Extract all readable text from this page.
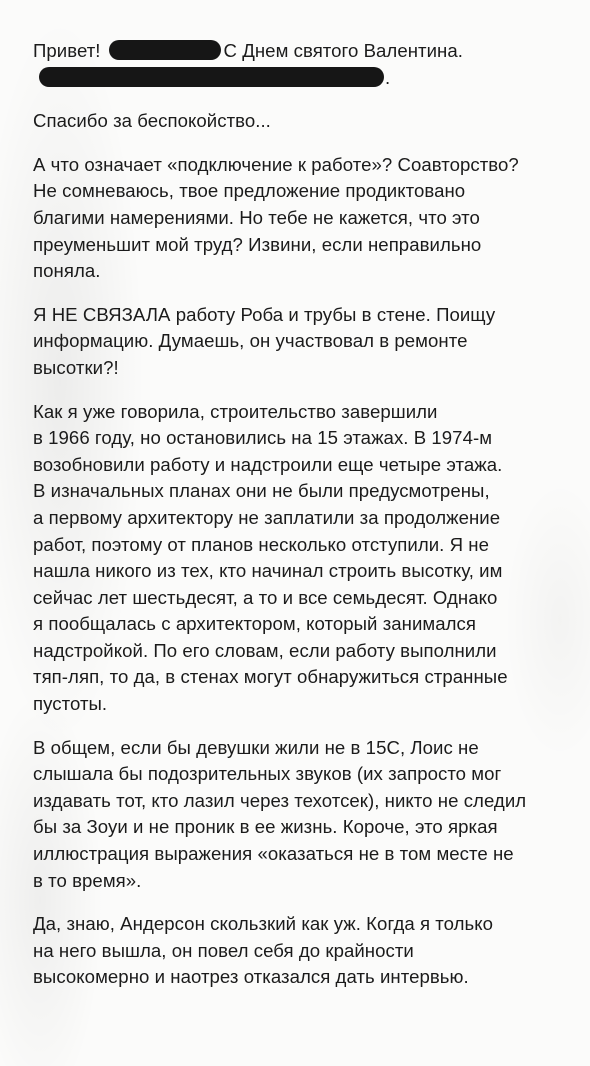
Привет!	С Днем святого Валентина.
.

Спасибо за беспокойство...

А что означает «подключение к работе»? Соавторство?
Не сомневаюсь, твое предложение продиктовано
благими намерениями. Но тебе не кажется, что это
преуменьшит мой труд? Извини, если неправильно
поняла.

Я НЕ СВЯЗАЛА работу Роба и трубы в стене. Поищу
информацию. Думаешь, он участвовал в ремонте
высотки?!

Как я уже говорила, строительство завершили
в 1966 году, но остановились на 15 этажах. В 1974-м
возобновили работу и надстроили еще четыре этажа.
В изначальных планах они не были предусмотрены,
а первому архитектору не заплатили за продолжение
работ, поэтому от планов несколько отступили. Я не
нашла никого из тех, кто начинал строить высотку, им
сейчас лет шестьдесят, а то и все семьдесят. Однако
я пообщалась с архитектором, который занимался
надстройкой. По его словам, если работу выполнили
тяп-ляп, то да, в стенах могут обнаружиться странные
пустоты.

В общем, если бы девушки жили не в 15С, Лоис не
слышала бы подозрительных звуков (их запросто мог
издавать тот, кто лазил через техотсек), никто не следил
бы за Зоуи и не проник в ее жизнь. Короче, это яркая
иллюстрация выражения «оказаться не в том месте не
в то время».

Да, знаю, Андерсон скользкий как уж. Когда я только
на него вышла, он повел себя до крайности
высокомерно и наотрез отказался дать интервью.
